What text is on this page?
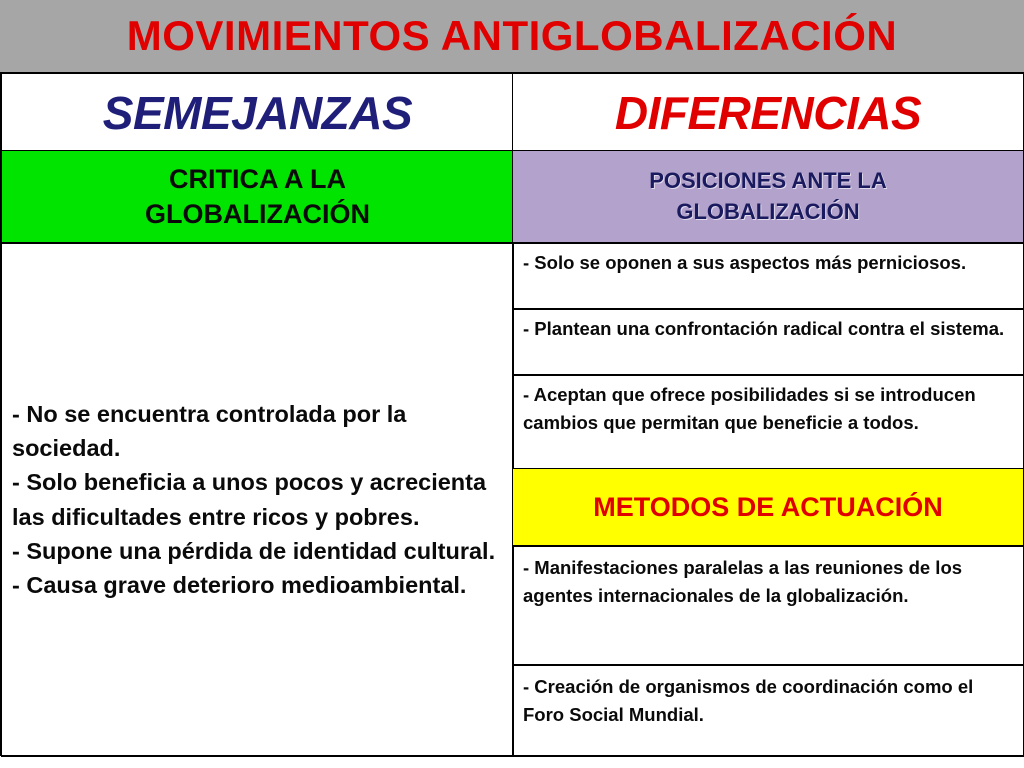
MOVIMIENTOS ANTIGLOBALIZACIÓN
SEMEJANZAS	DIFERENCIAS
CRITICA A LA GLOBALIZACIÓN
POSICIONES ANTE LA GLOBALIZACIÓN
- No se encuentra controlada por la sociedad.
- Solo beneficia a unos pocos y acrecienta las dificultades entre ricos y pobres.
- Supone una pérdida de identidad cultural.
- Causa grave deterioro medioambiental.
- Solo se oponen a sus aspectos más perniciosos.
- Plantean una confrontación radical contra el sistema.
- Aceptan que ofrece posibilidades si se introducen cambios que permitan que beneficie a todos.
METODOS DE ACTUACIÓN
- Manifestaciones paralelas a las reuniones de los agentes internacionales de la globalización.
- Creación de organismos de coordinación como el Foro Social Mundial.
